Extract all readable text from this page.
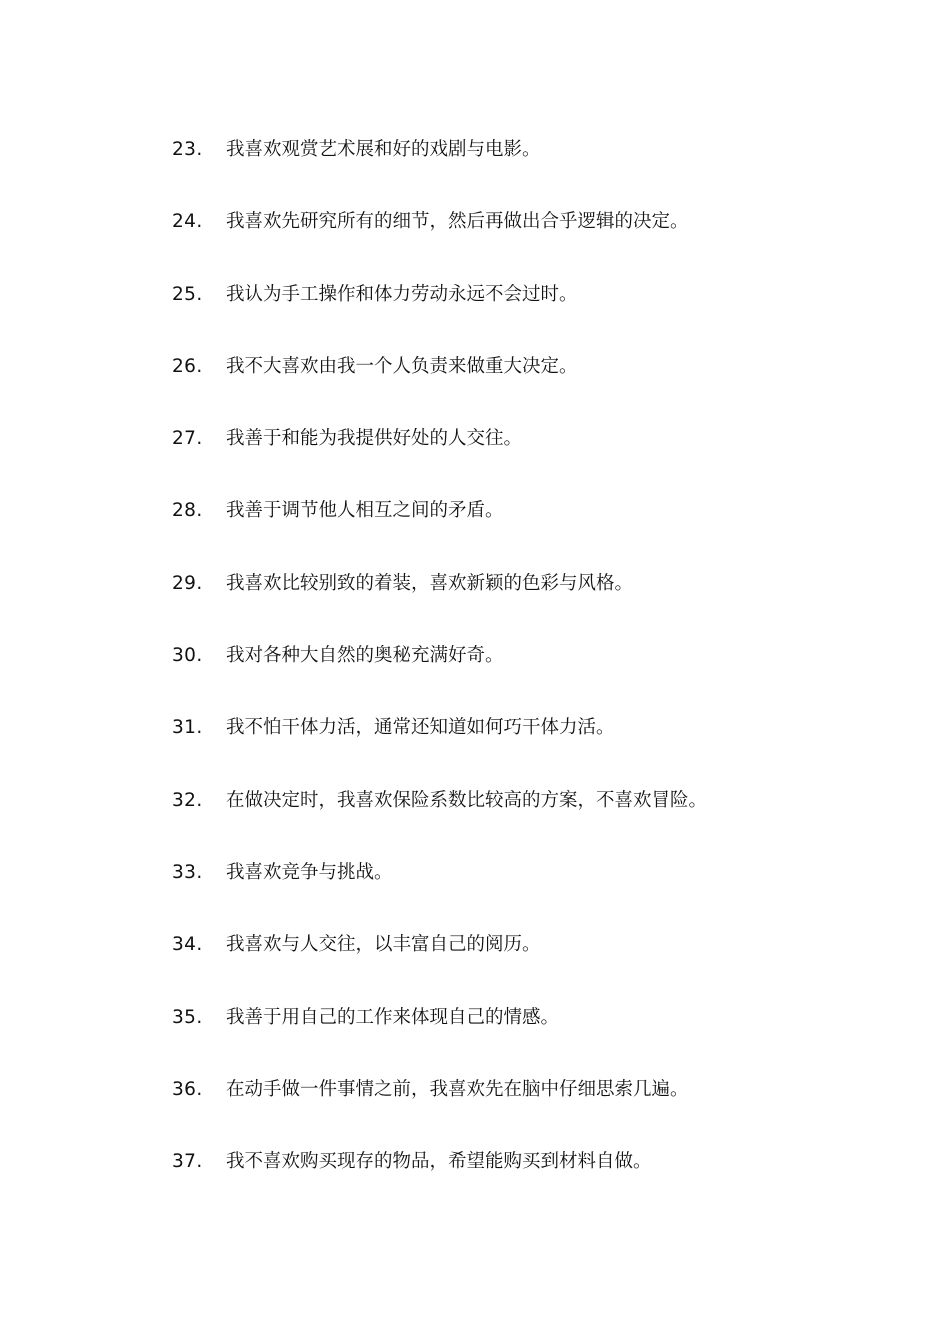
23.	我喜欢观赏艺术展和好的戏剧与电影。
24.	我喜欢先研究所有的细节，然后再做出合乎逻辑的决定。
25.	我认为手工操作和体力劳动永远不会过时。
26.	我不大喜欢由我一个人负责来做重大决定。
27.	我善于和能为我提供好处的人交往。
28.	我善于调节他人相互之间的矛盾。
29.	我喜欢比较别致的着装，喜欢新颖的色彩与风格。
30.	我对各种大自然的奥秘充满好奇。
31.	我不怕干体力活，通常还知道如何巧干体力活。
32.	在做决定时，我喜欢保险系数比较高的方案，不喜欢冒险。
33.	我喜欢竞争与挑战。
34.	我喜欢与人交往，以丰富自己的阅历。
35.	我善于用自己的工作来体现自己的情感。
36.	在动手做一件事情之前，我喜欢先在脑中仔细思索几遍。
37.	我不喜欢购买现存的物品，希望能购买到材料自做。
